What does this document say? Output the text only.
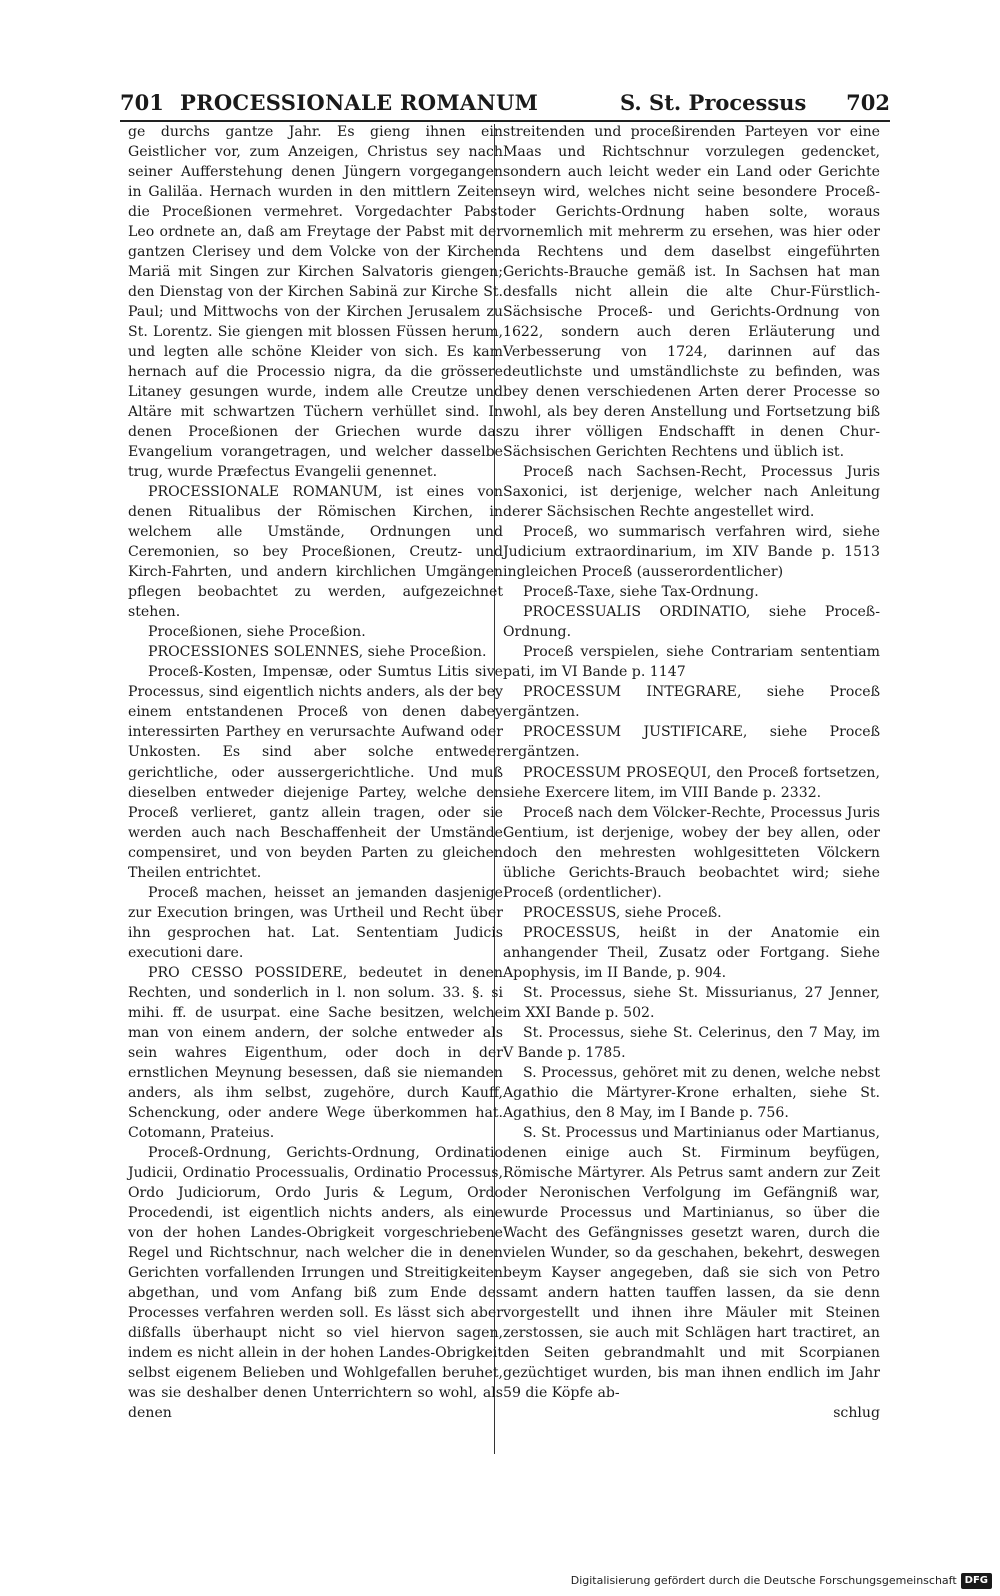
701 PROCESSIONALE ROMANUM	S. St. Processus 702

ge durchs gantze Jahr. Es gieng ihnen ein Geistlicher vor, zum Anzeigen, Christus sey nach seiner Aufferstehung denen Jüngern vorgegangen in Galiläa. Hernach wurden in den mittlern Zeiten die Proceßionen vermehret. Vorgedachter Pabst Leo ordnete an, daß am Freytage der Pabst mit der gantzen Clerisey und dem Volcke von der Kirchen Mariä mit Singen zur Kirchen Salvatoris giengen; den Dienstag von der Kirchen Sabinä zur Kirche St. Paul; und Mittwochs von der Kirchen Jerusalem zu St. Lorentz. Sie giengen mit blossen Füssen herum, und legten alle schöne Kleider von sich. Es kam hernach auf die Processio nigra, da die grössere Litaney gesungen wurde, indem alle Creutze und Altäre mit schwartzen Tüchern verhüllet sind. In denen Proceßionen der Griechen wurde das Evangelium vorangetragen, und welcher dasselbe trug, wurde Præfectus Evangelii genennet.

PROCESSIONALE ROMANUM, ist eines von denen Ritualibus der Römischen Kirchen, in welchem alle Umstände, Ordnungen und Ceremonien, so bey Proceßionen, Creutz- und Kirch-Fahrten, und andern kirchlichen Umgängen pflegen beobachtet zu werden, aufgezeichnet stehen.

Proceßionen, siehe Proceßion.

PROCESSIONES SOLENNES, siehe Proceßion.

Proceß-Kosten, Impensæ, oder Sumtus Litis sive Processus, sind eigentlich nichts anders, als der bey einem entstandenen Proceß von denen dabey interessirten Parthey en verursachte Aufwand oder Unkosten. Es sind aber solche entweder gerichtliche, oder aussergerichtliche. Und muß dieselben entweder diejenige Partey, welche den Proceß verlieret, gantz allein tragen, oder sie werden auch nach Beschaffenheit der Umstände compensiret, und von beyden Parten zu gleichen Theilen entrichtet.

Proceß machen, heisset an jemanden dasjenige zur Execution bringen, was Urtheil und Recht über ihn gesprochen hat. Lat. Sententiam Judicis executioni dare.

PRO CESSO POSSIDERE, bedeutet in denen Rechten, und sonderlich in l. non solum. 33. §. si mihi. ff. de usurpat. eine Sache besitzen, welche man von einem andern, der solche entweder als sein wahres Eigenthum, oder doch in der ernstlichen Meynung besessen, daß sie niemanden anders, als ihm selbst, zugehöre, durch Kauff, Schenckung, oder andere Wege überkommen hat. Cotomann, Prateius.

Proceß-Ordnung, Gerichts-Ordnung, Ordinatio Judicii, Ordinatio Processualis, Ordinatio Processus, Ordo Judiciorum, Ordo Juris & Legum, Ordo Procedendi, ist eigentlich nichts anders, als eine von der hohen Landes-Obrigkeit vorgeschriebene Regel und Richtschnur, nach welcher die in denen Gerichten vorfallenden Irrungen und Streitigkeiten abgethan, und vom Anfang biß zum Ende des Processes verfahren werden soll. Es lässt sich aber dißfalls überhaupt nicht so viel hiervon sagen, indem es nicht allein in der hohen Landes-Obrigkeit selbst eigenem Belieben und Wohlgefallen beruhet, was sie deshalber denen Unterrichtern so wohl, als denen

streitenden und proceßirenden Parteyen vor eine Maas und Richtschnur vorzulegen gedencket, sondern auch leicht weder ein Land oder Gerichte seyn wird, welches nicht seine besondere Proceß- oder Gerichts-Ordnung haben solte, woraus vornemlich mit mehrerm zu ersehen, was hier oder da Rechtens und dem daselbst eingeführten Gerichts-Brauche gemäß ist. In Sachsen hat man desfalls nicht allein die alte Chur-Fürstlich-Sächsische Proceß- und Gerichts-Ordnung von 1622, sondern auch deren Erläuterung und Verbesserung von 1724, darinnen auf das deutlichste und umständlichste zu befinden, was bey denen verschiedenen Arten derer Processe so wohl, als bey deren Anstellung und Fortsetzung biß zu ihrer völligen Endschafft in denen Chur-Sächsischen Gerichten Rechtens und üblich ist.

Proceß nach Sachsen-Recht, Processus Juris Saxonici, ist derjenige, welcher nach Anleitung derer Sächsischen Rechte angestellet wird.

Proceß, wo summarisch verfahren wird, siehe Judicium extraordinarium, im XIV Bande p. 1513 ingleichen Proceß (ausserordentlicher)

Proceß-Taxe, siehe Tax-Ordnung.

PROCESSUALIS ORDINATIO, siehe Proceß-Ordnung.

Proceß verspielen, siehe Contrariam sententiam pati, im VI Bande p. 1147

PROCESSUM INTEGRARE, siehe Proceß ergäntzen.

PROCESSUM JUSTIFICARE, siehe Proceß ergäntzen.

PROCESSUM PROSEQUI, den Proceß fortsetzen, siehe Exercere litem, im VIII Bande p. 2332.

Proceß nach dem Völcker-Rechte, Processus Juris Gentium, ist derjenige, wobey der bey allen, oder doch den mehresten wohlgesitteten Völckern übliche Gerichts-Brauch beobachtet wird; siehe Proceß (ordentlicher).

PROCESSUS, siehe Proceß.

PROCESSUS, heißt in der Anatomie ein anhangender Theil, Zusatz oder Fortgang. Siehe Apophysis, im II Bande, p. 904.

St. Processus, siehe St. Missurianus, 27 Jenner, im XXI Bande p. 502.

St. Processus, siehe St. Celerinus, den 7 May, im V Bande p. 1785.

S. Processus, gehöret mit zu denen, welche nebst Agathio die Märtyrer-Krone erhalten, siehe St. Agathius, den 8 May, im I Bande p. 756.

S. St. Processus und Martinianus oder Martianus, denen einige auch St. Firminum beyfügen, Römische Märtyrer. Als Petrus samt andern zur Zeit der Neronischen Verfolgung im Gefängniß war, wurde Processus und Martinianus, so über die Wacht des Gefängnisses gesetzt waren, durch die vielen Wunder, so da geschahen, bekehrt, deswegen beym Kayser angegeben, daß sie sich von Petro samt andern hatten tauffen lassen, da sie denn vorgestellt und ihnen ihre Mäuler mit Steinen zerstossen, sie auch mit Schlägen hart tractiret, an den Seiten gebrandmahlt und mit Scorpianen gezüchtiget wurden, bis man ihnen endlich im Jahr 59 die Köpfe ab-

schlug

Digitalisierung gefördert durch die Deutsche Forschungsgemeinschaft DFG
